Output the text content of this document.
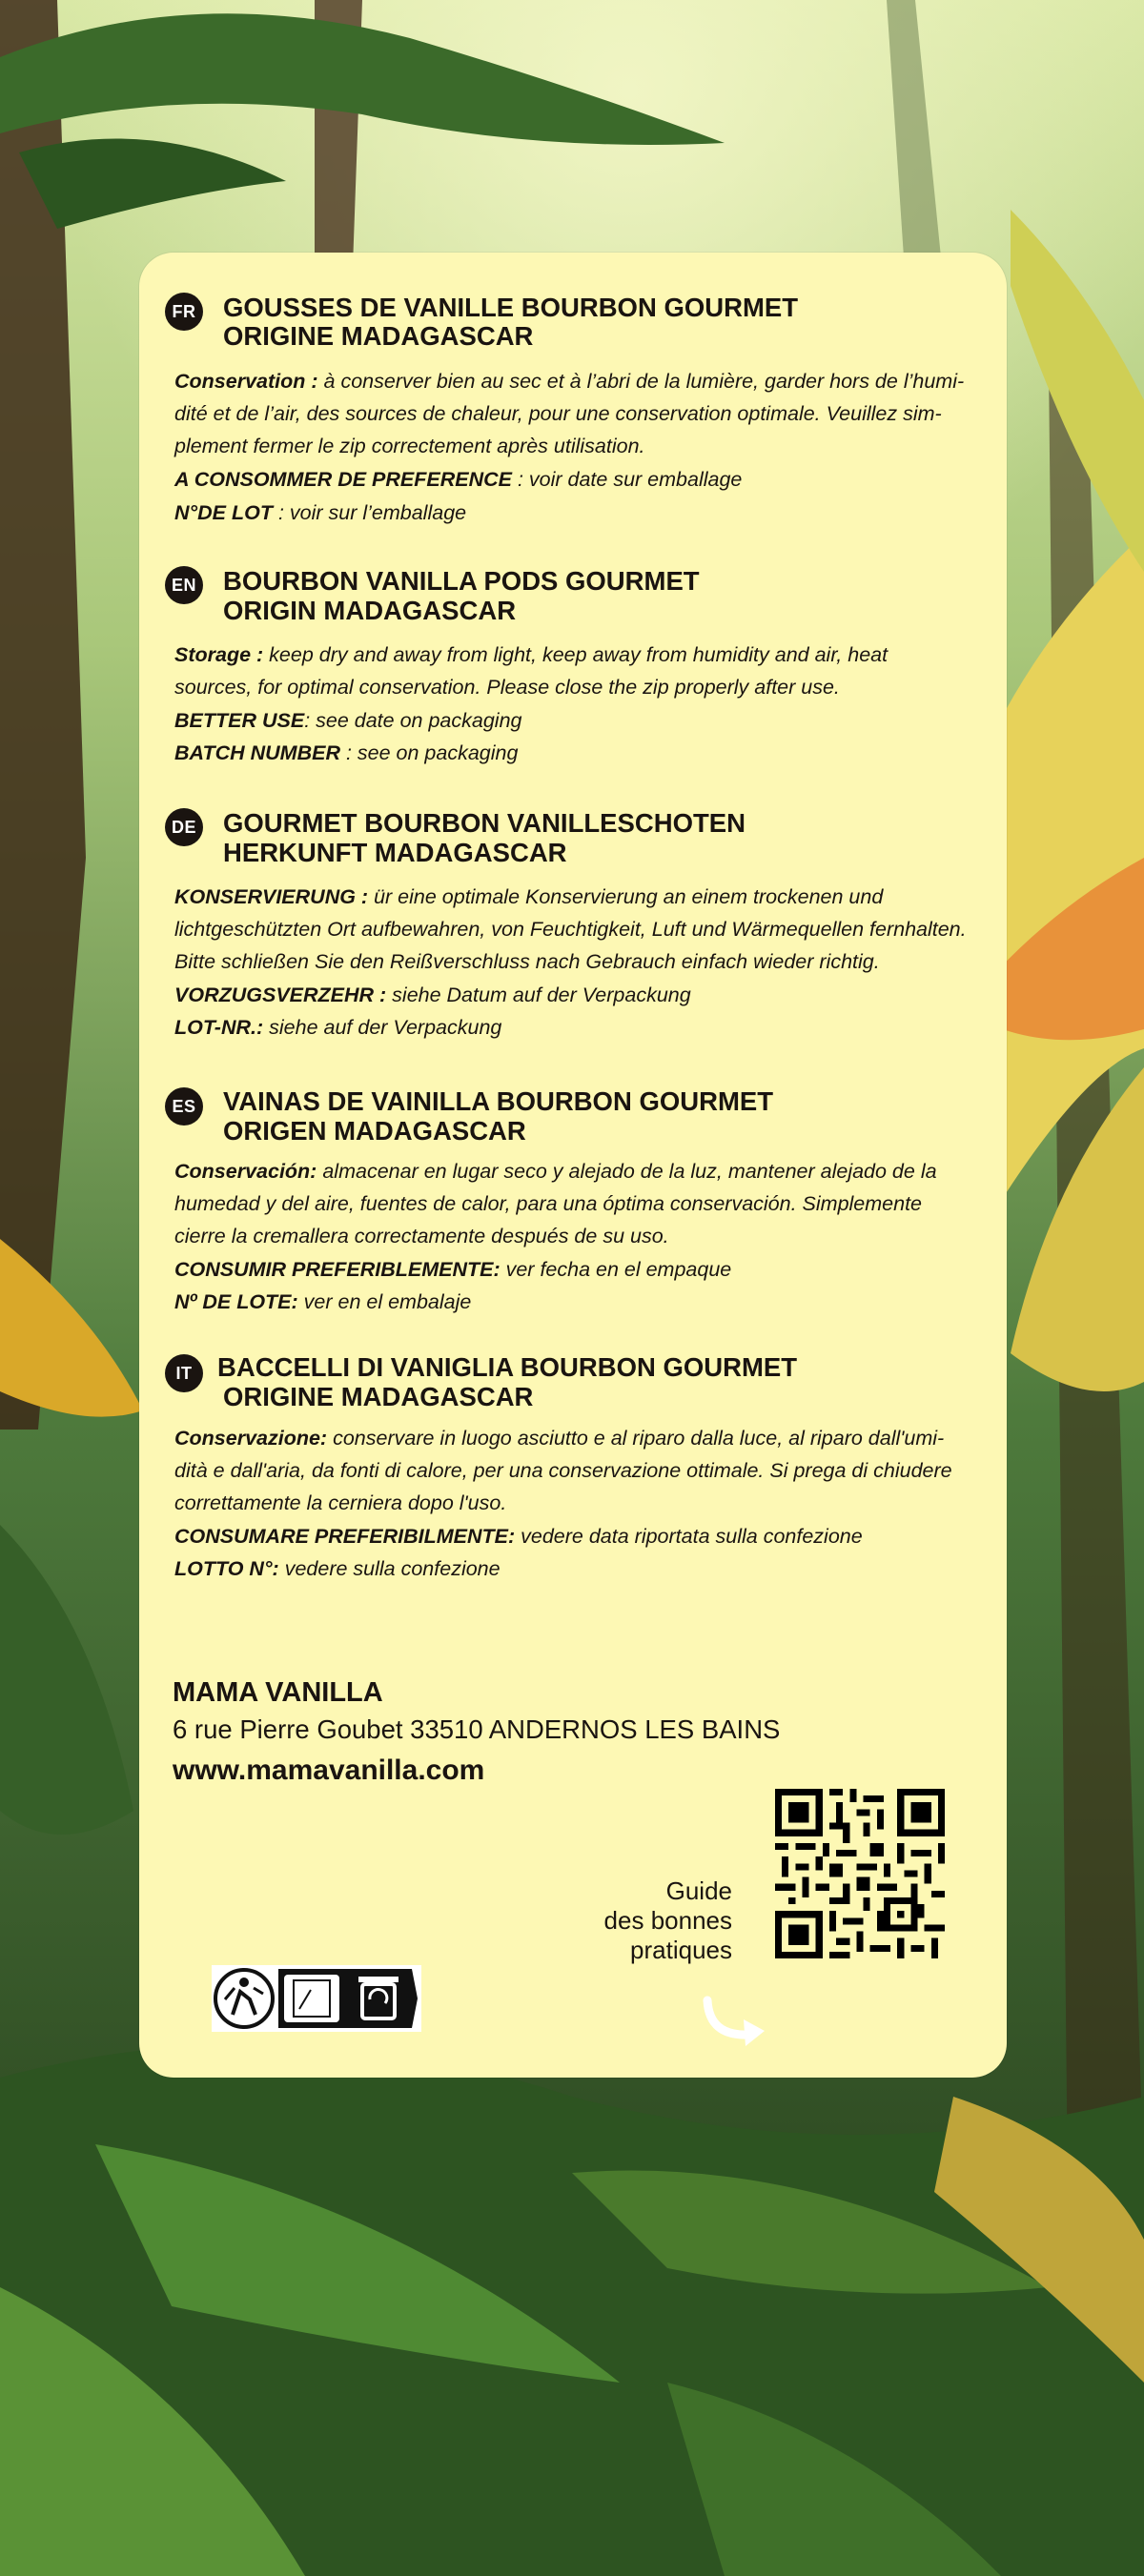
FR GOUSSES DE VANILLE BOURBON GOURMET
ORIGINE MADAGASCAR
Conservation : à conserver bien au sec et à l’abri de la lumière, garder hors de l’humi-
dité et de l’air, des sources de chaleur, pour une conservation optimale. Veuillez sim-
plement fermer le zip correctement après utilisation.
A CONSOMMER DE PREFERENCE : voir date sur emballage
N°DE LOT : voir sur l’emballage
EN BOURBON VANILLA PODS GOURMET
ORIGIN MADAGASCAR
Storage : keep dry and away from light, keep away from humidity and air, heat
sources, for optimal conservation. Please close the zip properly after use.
BETTER USE: see date on packaging
BATCH NUMBER : see on packaging
DE GOURMET BOURBON VANILLESCHOTEN
HERKUNFT MADAGASCAR
KONSERVIERUNG : ür eine optimale Konservierung an einem trockenen und
lichtgeschützten Ort aufbewahren, von Feuchtigkeit, Luft und Wärmequellen fernhalten.
Bitte schließen Sie den Reißverschluss nach Gebrauch einfach wieder richtig.
VORZUGSVERZEHR : siehe Datum auf der Verpackung
LOT-NR.: siehe auf der Verpackung
ES VAINAS DE VAINILLA BOURBON GOURMET
ORIGEN MADAGASCAR
Conservación: almacenar en lugar seco y alejado de la luz, mantener alejado de la
humedad y del aire, fuentes de calor, para una óptima conservación. Simplemente
cierre la cremallera correctamente después de su uso.
CONSUMIR PREFERIBLEMENTE: ver fecha en el empaque
Nº DE LOTE: ver en el embalaje
IT BACCELLI DI VANIGLIA BOURBON GOURMET
ORIGINE MADAGASCAR
Conservazione: conservare in luogo asciutto e al riparo dalla luce, al riparo dall'umi-
dità e dall'aria, da fonti di calore, per una conservazione ottimale. Si prega di chiudere
correttamente la cerniera dopo l'uso.
CONSUMARE PREFERIBILMENTE: vedere data riportata sulla confezione
LOTTO N°: vedere sulla confezione
MAMA VANILLA
6 rue Pierre Goubet 33510 ANDERNOS LES BAINS
www.mamavanilla.com
Guide
des bonnes
pratiques
